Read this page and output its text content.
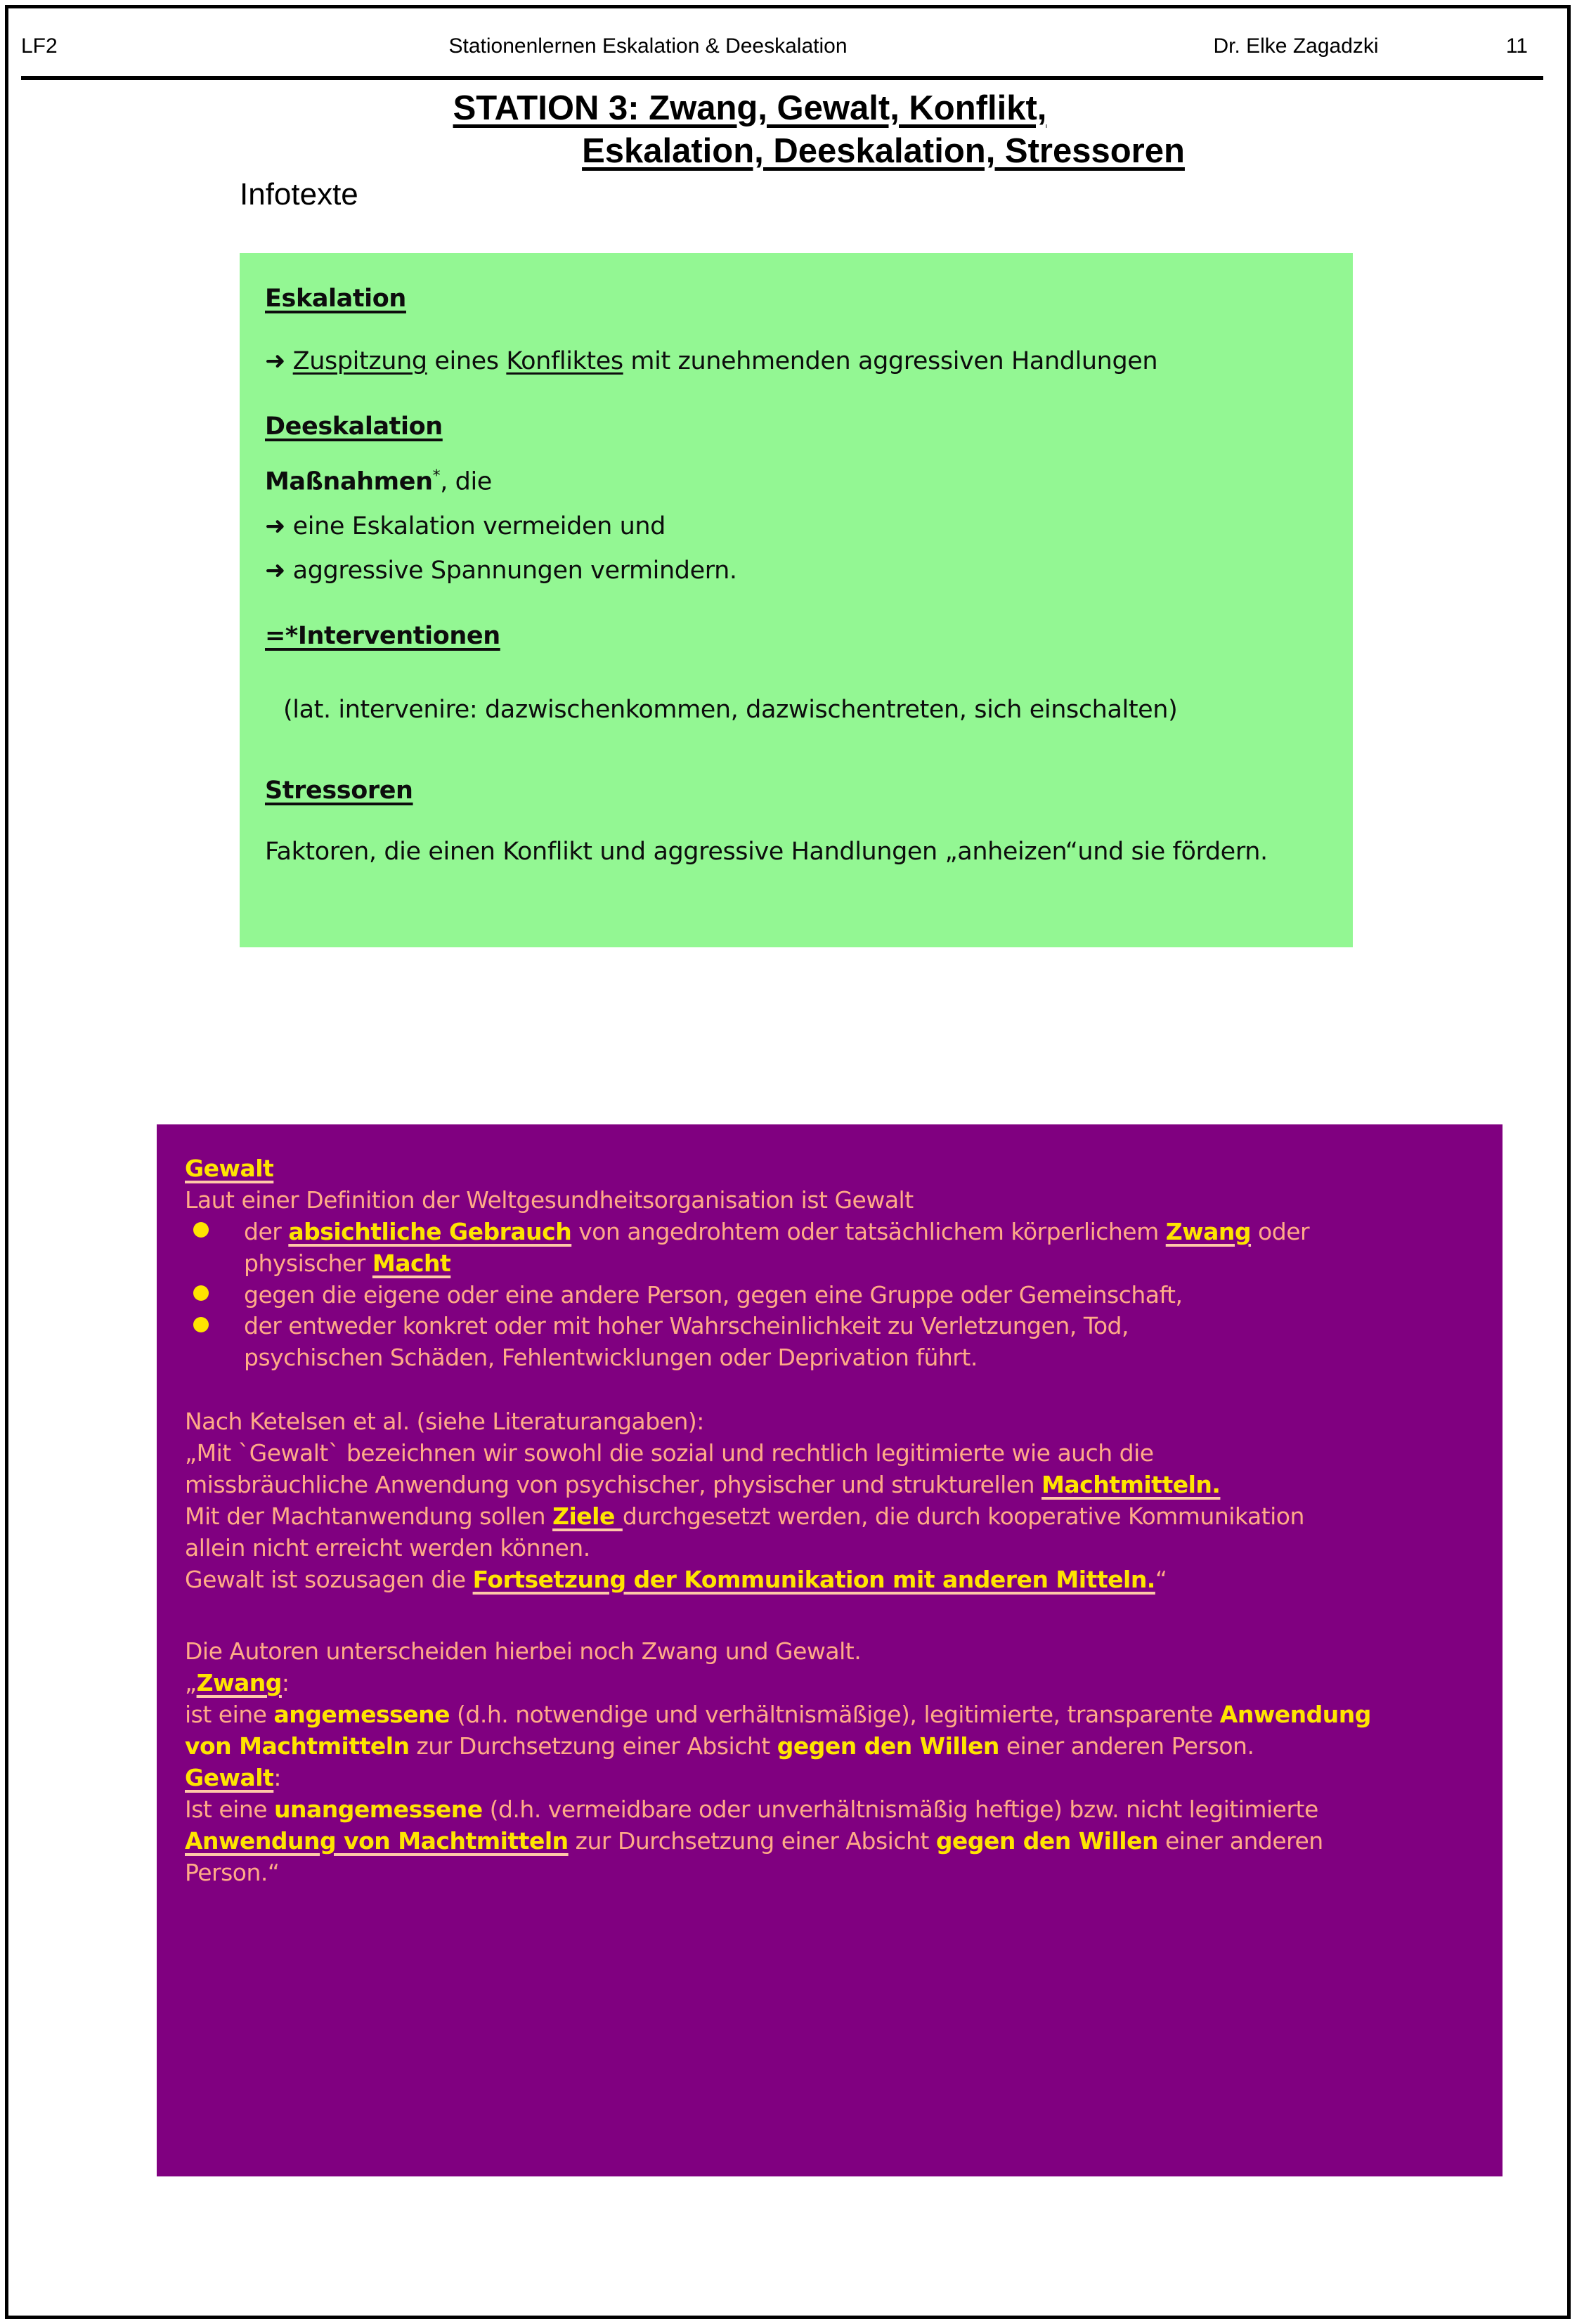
LF2	Stationenlernen Eskalation & Deeskalation	Dr. Elke Zagadzki	11
STATION 3: Zwang, Gewalt, Konflikt,
Eskalation, Deeskalation, Stressoren
Infotexte
Eskalation
➜ Zuspitzung eines Konfliktes mit zunehmenden aggressiven Handlungen
Deeskalation
Maßnahmen*, die
➜ eine Eskalation vermeiden und
➜ aggressive Spannungen vermindern.
=*Interventionen
(lat. intervenire: dazwischenkommen, dazwischentreten, sich einschalten)
Stressoren
Faktoren, die einen Konflikt und aggressive Handlungen „anheizen“und sie fördern.
Gewalt
Laut einer Definition der Weltgesundheitsorganisation ist Gewalt
der absichtliche Gebrauch von angedrohtem oder tatsächlichem körperlichem Zwang oder
physischer Macht
gegen die eigene oder eine andere Person, gegen eine Gruppe oder Gemeinschaft,
der entweder konkret oder mit hoher Wahrscheinlichkeit zu Verletzungen, Tod,
psychischen Schäden, Fehlentwicklungen oder Deprivation führt.
Nach Ketelsen et al. (siehe Literaturangaben):
„Mit `Gewalt` bezeichnen wir sowohl die sozial und rechtlich legitimierte wie auch die
missbräuchliche Anwendung von psychischer, physischer und strukturellen Machtmitteln.
Mit der Machtanwendung sollen Ziele durchgesetzt werden, die durch kooperative Kommunikation
allein nicht erreicht werden können.
Gewalt ist sozusagen die Fortsetzung der Kommunikation mit anderen Mitteln.“
Die Autoren unterscheiden hierbei noch Zwang und Gewalt.
„Zwang:
ist eine angemessene (d.h. notwendige und verhältnismäßige), legitimierte, transparente Anwendung
von Machtmitteln zur Durchsetzung einer Absicht gegen den Willen einer anderen Person.
Gewalt:
Ist eine unangemessene (d.h. vermeidbare oder unverhältnismäßig heftige) bzw. nicht legitimierte
Anwendung von Machtmitteln zur Durchsetzung einer Absicht gegen den Willen einer anderen
Person.“
